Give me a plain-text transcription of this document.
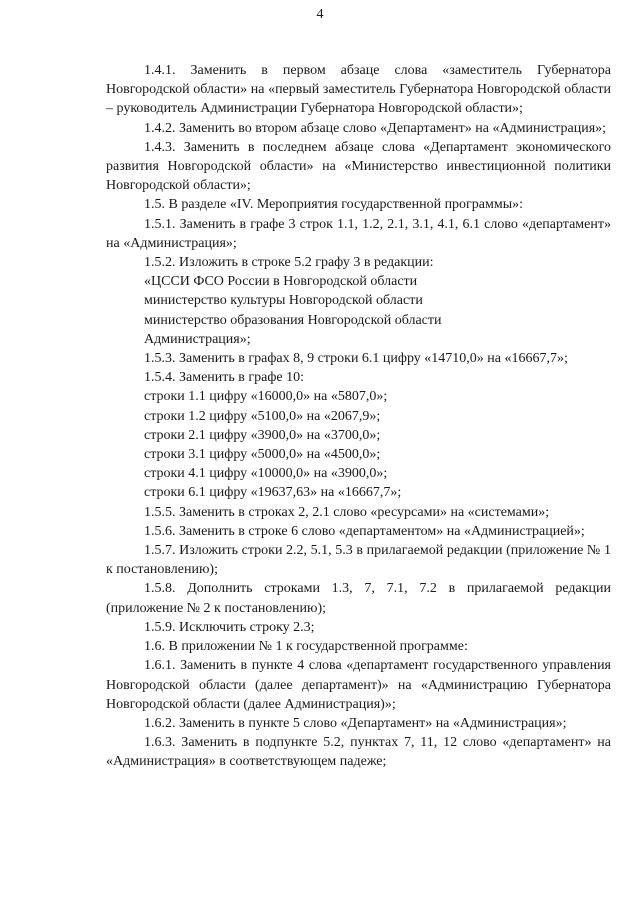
4

1.4.1. Заменить в первом абзаце слова «заместитель Губернатора Новгородской области» на «первый заместитель Губернатора Новгородской области – руководитель Администрации Губернатора Новгородской области»;

1.4.2. Заменить во втором абзаце слово «Департамент» на «Администрация»;

1.4.3. Заменить в последнем абзаце слова «Департамент экономического развития Новгородской области» на «Министерство инвестиционной политики Новгородской области»;

1.5. В разделе «IV. Мероприятия государственной программы»:

1.5.1. Заменить в графе 3 строк 1.1, 1.2, 2.1, 3.1, 4.1, 6.1 слово «департамент» на «Администрация»;

1.5.2. Изложить в строке 5.2 графу 3 в редакции:

«ЦССИ ФСО России в Новгородской области

министерство культуры Новгородской области

министерство образования Новгородской области

Администрация»;

1.5.3. Заменить в графах 8, 9 строки 6.1 цифру «14710,0» на «16667,7»;

1.5.4. Заменить в графе 10:

строки 1.1 цифру «16000,0» на «5807,0»;

строки 1.2 цифру «5100,0» на «2067,9»;

строки 2.1 цифру «3900,0» на «3700,0»;

строки 3.1 цифру «5000,0» на «4500,0»;

строки 4.1 цифру «10000,0» на «3900,0»;

строки 6.1 цифру «19637,63» на «16667,7»;

1.5.5. Заменить в строках 2, 2.1 слово «ресурсами» на «системами»;

1.5.6. Заменить в строке 6 слово «департаментом» на «Администрацией»;

1.5.7. Изложить строки 2.2, 5.1, 5.3 в прилагаемой редакции (приложение № 1 к постановлению);

1.5.8. Дополнить строками 1.3, 7, 7.1, 7.2 в прилагаемой редакции (приложение № 2 к постановлению);

1.5.9. Исключить строку 2.3;

1.6. В приложении № 1 к государственной программе:

1.6.1. Заменить в пункте 4 слова «департамент государственного управления Новгородской области (далее департамент)» на «Администрацию Губернатора Новгородской области (далее Администрация)»;

1.6.2. Заменить в пункте 5 слово «Департамент» на «Администрация»;

1.6.3. Заменить в подпункте 5.2, пунктах 7, 11, 12 слово «департамент» на «Администрация» в соответствующем падеже;
